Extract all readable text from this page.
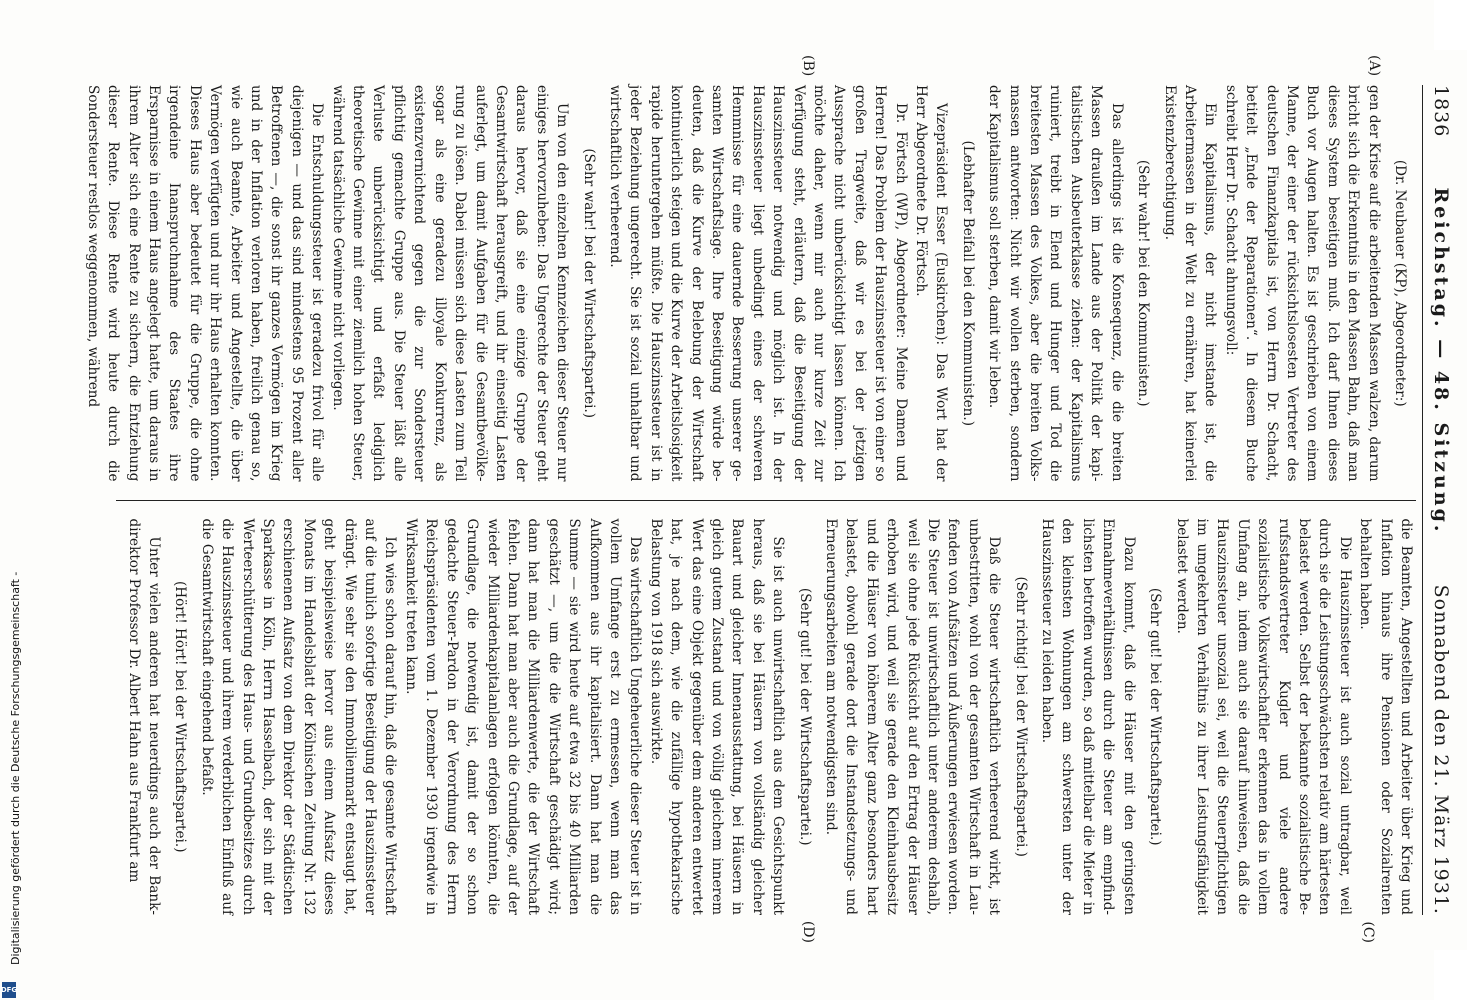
1836
Reichstag. — 48. Sitzung.
Sonnabend den 21. März 1931.
(A)
(B)

(Dr. Neubauer (KP), Abgeordneter:)

gen der Krise auf die arbeitenden Massen walzen, darum bricht sich die Erkenntnis in den Massen Bahn, daß man dieses System beseitigen muß. Ich darf Ihnen dieses Buch vor Augen halten. Es ist geschrieben von einem Manne, der einer der rücksichtslosesten Vertreter des deutschen Finanzkapitals ist, von Herrn Dr. Schacht, betitelt „Ende der Reparationen“. In diesem Buche schreibt Herr Dr. Schacht ahnungsvoll:

Ein Kapitalismus, der nicht imstande ist, die Arbeitermassen in der Welt zu ernähren, hat keinerlei Existenzberechtigung.

(Sehr wahr! bei den Kommunisten.)

Das allerdings ist die Konsequenz, die die breiten Massen draußen im Lande aus der Politik der kapitalistischen Ausbeuterklasse ziehen: der Kapitalismus ruiniert, treibt in Elend und Hunger und Tod die breitesten Massen des Volkes, aber die breiten Volksmassen antworten: Nicht wir wollen sterben, sondern der Kapitalismus soll sterben, damit wir leben.

(Lebhafter Beifall bei den Kommunisten.)

Vizepräsident Esser (Euskirchen): Das Wort hat der Herr Abgeordnete Dr. Förtsch.

Dr. Förtsch (WP), Abgeordneter: Meine Damen und Herren! Das Problem der Hauszinssteuer ist von einer so großen Tragweite, daß wir es bei der jetzigen Aussprache nicht unberücksichtigt lassen können. Ich möchte daher, wenn mir auch nur kurze Zeit zur Verfügung steht, erläutern, daß die Beseitigung der Hauszinssteuer notwendig und möglich ist. In der Hauszinssteuer liegt unbedingt eines der schweren Hemmnisse für eine dauernde Besserung unserer gesamten Wirtschaftslage. Ihre Beseitigung würde bedeuten, daß die Kurve der Belebung der Wirtschaft kontinuierlich steigen und die Kurve der Arbeitslosigkeit rapide heruntergehen müßte. Die Hauszinssteuer ist in jeder Beziehung ungerecht. Sie ist sozial unhaltbar und wirtschaftlich verheerend.

(Sehr wahr! bei der Wirtschaftspartei.)

Um von den einzelnen Kennzeichen dieser Steuer nur einiges hervorzuheben: Das Ungerechte der Steuer geht daraus hervor, daß sie eine einzige Gruppe der Gesamtwirtschaft herausgreift, und ihr einseitig Lasten auferlegt, um damit Aufgaben für die Gesamtbevölkerung zu lösen. Dabei müssen sich diese Lasten zum Teil sogar als eine geradezu illoyale Konkurrenz, als existenzvernichtend gegen die zur Sondersteuer pflichtig gemachte Gruppe aus. Die Steuer läßt alle Verluste unberücksichtigt und erfaßt lediglich theoretische Gewinne mit einer ziemlich hohen Steuer, während tatsächliche Gewinne nicht vorliegen.

Die Entschuldungssteuer ist geradezu frivol für alle diejenigen — und das sind mindestens 95 Prozent aller Betroffenen —, die sonst ihr ganzes Vermögen im Krieg und in der Inflation verloren haben, freilich genau so, wie auch Beamte, Arbeiter und Angestellte, die über Vermögen verfügten und nur ihr Haus erhalten konnten. Dieses Haus aber bedeutet für die Gruppe, die ohne irgendeine Inanspruchnahme des Staates ihre Ersparnisse in einem Haus angelegt hatte, um daraus in ihrem Alter sich eine Rente zu sichern, die Entziehung dieser Rente. Diese Rente wird heute durch die Sondersteuer restlos weggenommen, während

(C)
(D)

die Beamten, Angestellten und Arbeiter über Krieg und Inflation hinaus ihre Pensionen oder Sozialrenten behalten haben.

Die Hauszinssteuer ist auch sozial untragbar, weil durch sie die Leistungsschwächsten relativ am härtesten belastet werden. Selbst der bekannte sozialistische Berufsstandsvertreter Kugler und viele andere sozialistische Volkswirtschaftler erkennen das in vollem Umfang an, indem auch sie darauf hinweisen, daß die Hauszinssteuer unsozial sei, weil die Steuerpflichtigen im umgekehrten Verhältnis zu ihrer Leistungsfähigkeit belastet werden.

(Sehr gut! bei der Wirtschaftspartei.)

Dazu kommt, daß die Häuser mit den geringsten Einnahmeverhältnissen durch die Steuer am empfindlichsten betroffen wurden, so daß mittelbar die Mieter in den kleinsten Wohnungen am schwersten unter der Hauszinssteuer zu leiden haben.

(Sehr richtig! bei der Wirtschaftspartei.)

Daß die Steuer wirtschaftlich verheerend wirkt, ist unbestritten, wohl von der gesamten Wirtschaft in Laufenden von Aufsätzen und Äußerungen erwiesen worden. Die Steuer ist unwirtschaftlich unter anderem deshalb, weil sie ohne jede Rücksicht auf den Ertrag der Häuser erhoben wird, und weil sie gerade den Kleinhausbesitz und die Häuser von höherem Alter ganz besonders hart belastet, obwohl gerade dort die Instandsetzungs- und Erneuerungsarbeiten am notwendigsten sind.

(Sehr gut! bei der Wirtschaftspartei.)

Sie ist auch unwirtschaftlich aus dem Gesichtspunkt heraus, daß sie bei Häusern von vollständig gleicher Bauart und gleicher Innenausstattung, bei Häusern in gleich gutem Zustand und von völlig gleichem innerem Wert das eine Objekt gegenüber dem anderen entwertet hat, je nach dem, wie die zufällige hypothekarische Belastung von 1918 sich auswirkte.

Das wirtschaftlich Ungeheuerliche dieser Steuer ist in vollem Umfange erst zu ermessen, wenn man das Aufkommen aus ihr kapitalisiert. Dann hat man die Summe — sie wird heute auf etwa 32 bis 40 Milliarden geschätzt —, um die die Wirtschaft geschädigt wird; dann hat man die Milliardenwerte, die der Wirtschaft fehlen. Dann hat man aber auch die Grundlage, auf der wieder Milliardenkapitalanlagen erfolgen könnten, die Grundlage, die notwendig ist, damit der so schon gedachte Steuer-Pardon in der Verordnung des Herrn Reichspräsidenten vom 1. Dezember 1930 irgendwie in Wirksamkeit treten kann.

Ich wies schon darauf hin, daß die gesamte Wirtschaft auf die tunlich sofortige Beseitigung der Hauszinssteuer drängt. Wie sehr sie den Immobilienmarkt entsaugt hat, geht beispielsweise hervor aus einem Aufsatz dieses Monats im Handelsblatt der Kölnischen Zeitung Nr. 132 erschienenen Aufsatz von dem Direktor der Städtischen Sparkasse in Köln, Herrn Hasselbach, der sich mit der Werteerschütterung des Haus- und Grundbesitzes durch die Hauszinssteuer und ihrem verderblichen Einfluß auf die Gesamtwirtschaft eingehend befaßt.

(Hört! Hört! bei der Wirtschaftspartei.)

Unter vielen anderen hat neuerdings auch der Bankdirektor Professor Dr. Albert Hahn aus Frankfurt am

Digitalisierung gefördert durch die Deutsche Forschungsgemeinschaft -
DFG
